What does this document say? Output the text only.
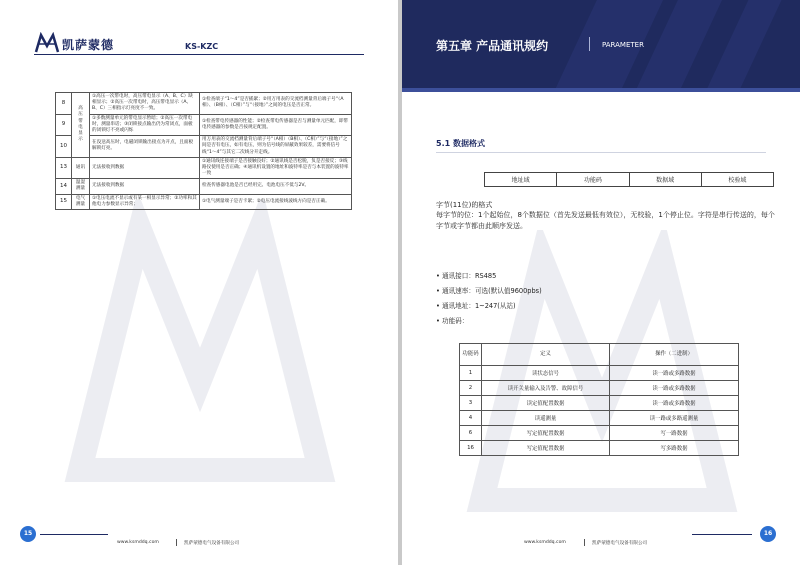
凯萨蒙德	KS-KZC
8	高压带电显示	①高压一次带电时，高压带电显示（A、B、C）缺相显示；②高压一次带电时，高压带电显示（A、B、C）三相指示灯亮度不一致。	①检查端子“1～4”是否插紧；②用万用表的交流档测量背后端子号“（A相）、（B相）、（C相）”与“（接地）”之间的电压是否正常。
9		①多数测量单元的带电显示暂暗；②高压一次带电时，测量串话；③闭锁接点输出仍为常闭点，面板的闭锁灯不亮或闪烁	①检查带电传感器的性能；②检查带电传感器是否与测量单元匹配，即带电传感器的参数是否按规定配置。
10		在没送高压时，电磁闭锁输出接点为开点，且面板解锁灯亮。	用万用表的交流档测量背后端子号“（A相）（B相）、（C相）”与“（接地）”之间是否有电压，如有电压，则为信号线的屏蔽效果较差，需要将信号线“1～4”与其它二次线分开走线。
13	通讯	无法接收到数据	①通讯线连接端子是否接触良好；②通讯线是否松脱，负是否接反；③线路仪使用是否正确；④通讯机设置的地址和波特率是否与本装置的波特率一致
14	温湿测量	无法接收到数据	检查传感器电池是否已经用完、电池电压不低与2V。
15	电气测量	①电压电流不显示或有某一相显示异常；②功率和其他电力参数显示异常；	①电气测量端子是否卡紧；②电压电流接线波线方向是否正确。
15
www.ksmddq.com	凯萨蒙德电气设备有限公司
第五章 产品通讯规约	PARAMETER
5.1 数据格式
地址域	功能码	数据域	校验域
字节(11位)的格式
每字节的位：1个起始位，8个数据位（首先发送最低有效位），无校验，1个停止位。字符是串行传送的，每个字节或字节都由此顺序发送。
• 通讯接口：RS485
• 通讯速率：可选(默认值9600pbs)
• 通讯地址：1~247(从站)
• 功能码：
功能码	定义	操作（二进制）
1	读状态信号	读一路或多路数据
2	读开关量输入及告警、故障信号	读一路或多路数据
3	读定值配置数据	读一路或多路数据
4	读遥测量	读一路或多路遥测量
6	写定值配置数据	写一路数据
16	写定值配置数据	写多路数据
www.ksmddq.com	凯萨蒙德电气设备有限公司
16
